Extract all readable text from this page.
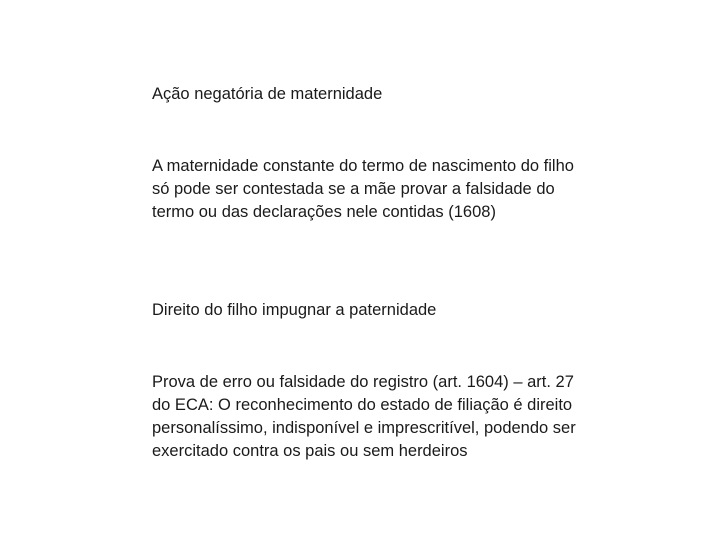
Ação negatória de maternidade

A maternidade constante do termo de nascimento do filho só pode ser contestada se a mãe provar a falsidade do termo ou das declarações nele contidas (1608)

Direito do filho impugnar a paternidade

Prova de erro ou falsidade do registro (art. 1604) – art. 27 do ECA: O reconhecimento do estado de filiação é direito personalíssimo, indisponível e imprescritível, podendo ser exercitado contra os pais ou sem herdeiros
